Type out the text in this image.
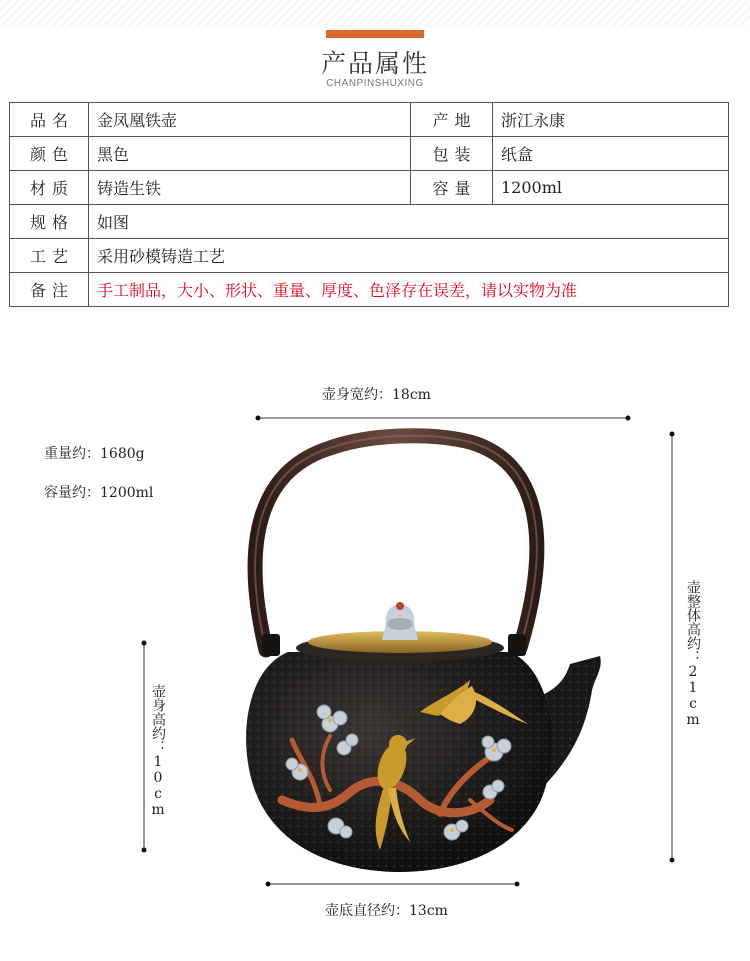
产品属性
CHANPINSHUXING
品名	金凤凰铁壶	产地	浙江永康
颜色	黑色	包装	纸盒
材质	铸造生铁	容量	1200ml
规格	如图		
工艺	采用砂模铸造工艺		
备注	手工制品，大小、形状、重量、厚度、色泽存在误差，请以实物为准		
壶身宽约：18cm
重量约：1680g
容量约：1200ml
壶整体高约：21cm
壶身高约：10cm
壶底直径约：13cm
